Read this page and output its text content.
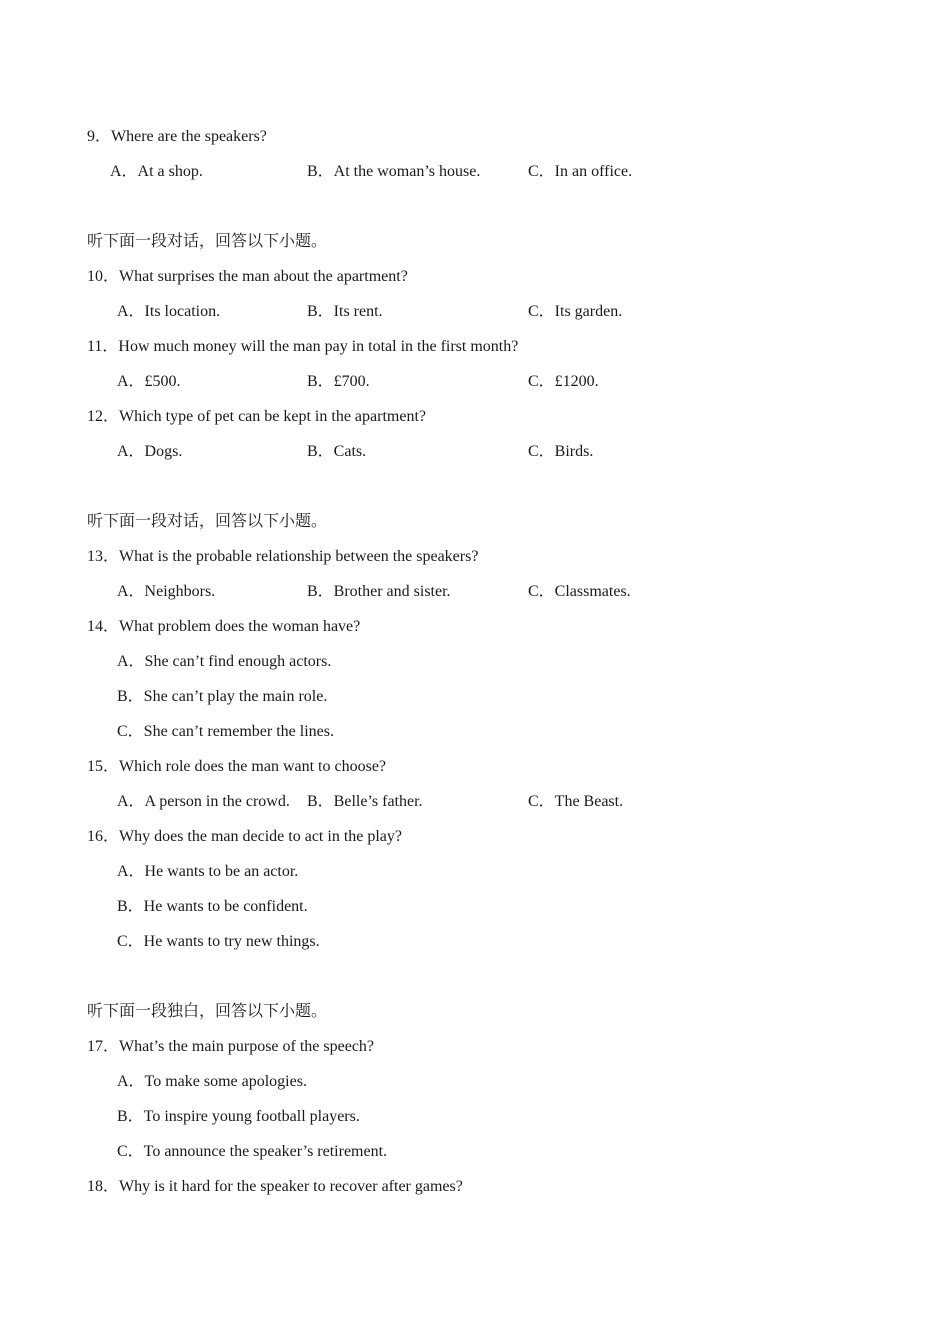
9．Where are the speakers?
A．At a shop.	B．At the woman’s house.	C．In an office.
听下面一段对话，回答以下小题。
10．What surprises the man about the apartment?
A．Its location.	B．Its rent.	C．Its garden.
11．How much money will the man pay in total in the first month?
A．£500.	B．£700.	C．£1200.
12．Which type of pet can be kept in the apartment?
A．Dogs.	B．Cats.	C．Birds.
听下面一段对话，回答以下小题。
13．What is the probable relationship between the speakers?
A．Neighbors.	B．Brother and sister.	C．Classmates.
14．What problem does the woman have?
A．She can’t find enough actors.
B．She can’t play the main role.
C．She can’t remember the lines.
15．Which role does the man want to choose?
A．A person in the crowd. B．Belle’s father.	C．The Beast.
16．Why does the man decide to act in the play?
A．He wants to be an actor.
B．He wants to be confident.
C．He wants to try new things.
听下面一段独白，回答以下小题。
17．What’s the main purpose of the speech?
A．To make some apologies.
B．To inspire young football players.
C．To announce the speaker’s retirement.
18．Why is it hard for the speaker to recover after games?
